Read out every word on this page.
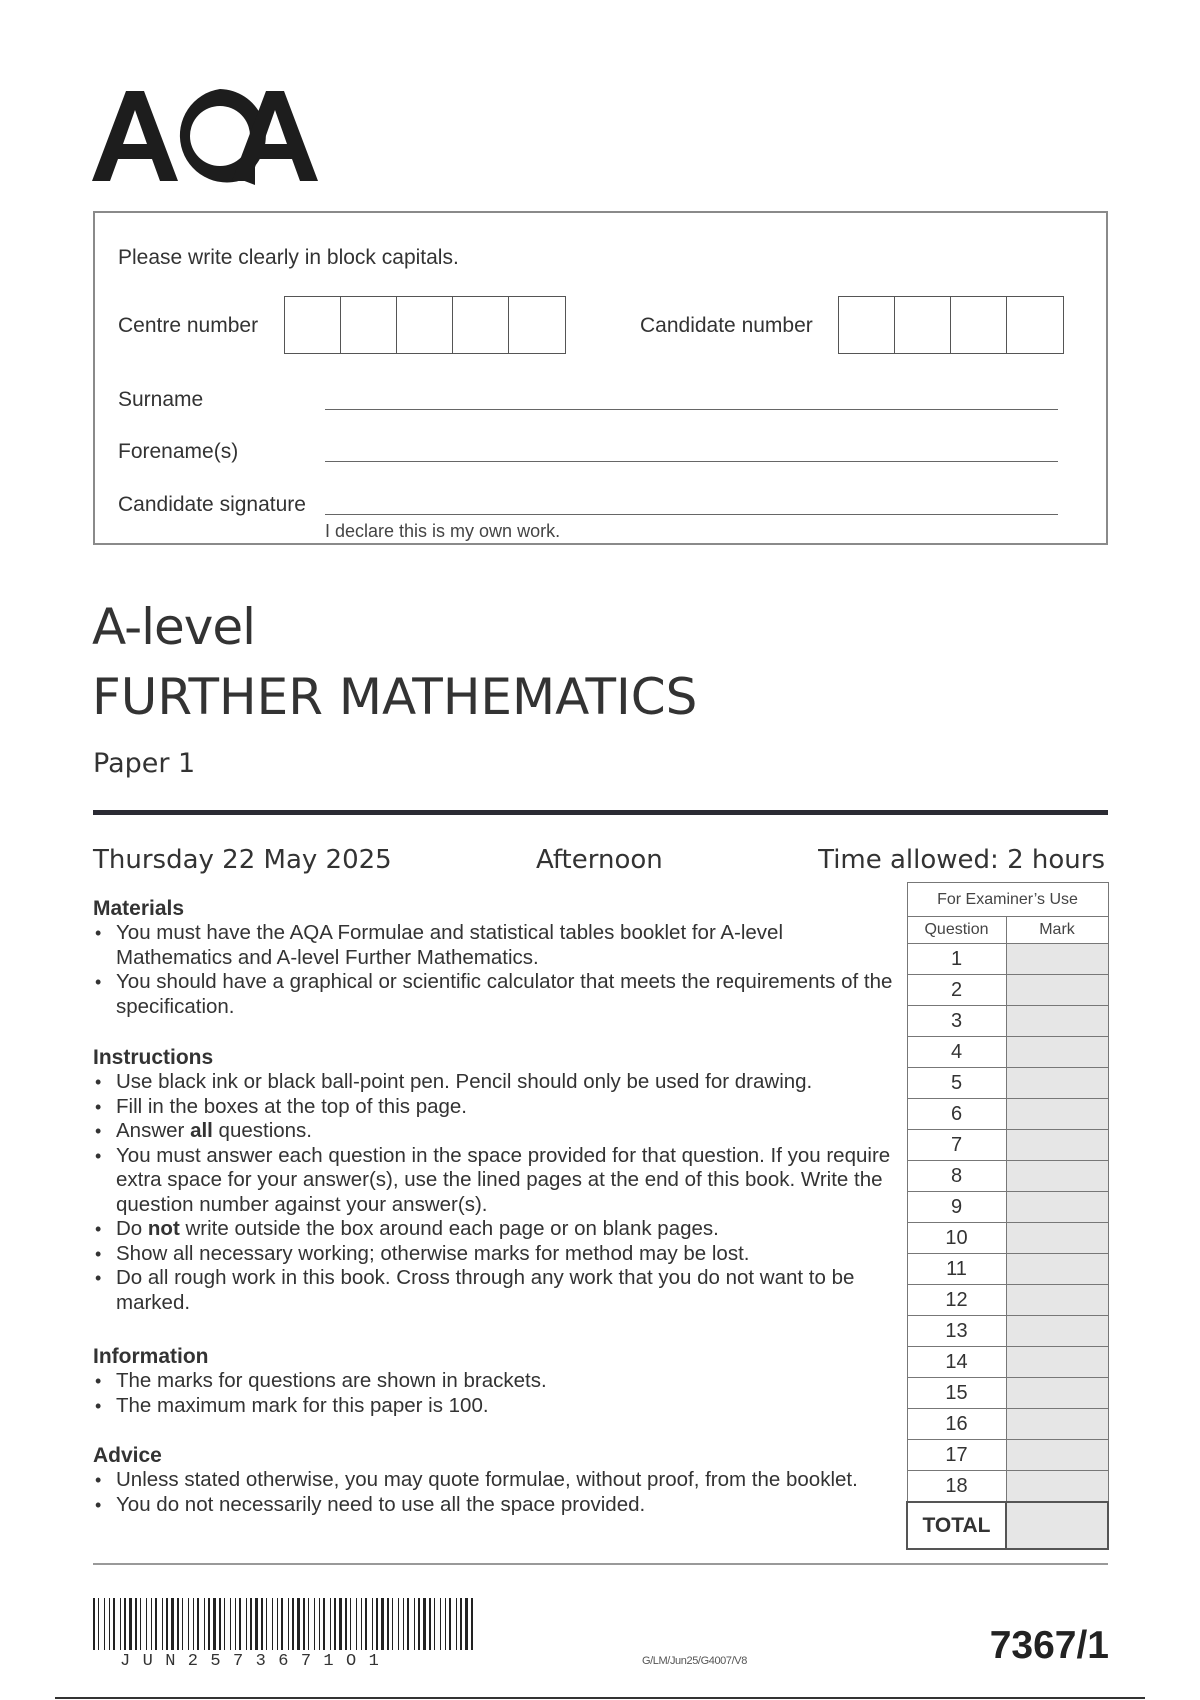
Please write clearly in block capitals.
Centre number	Candidate number
Surname
Forename(s)
Candidate signature
I declare this is my own work.
A-level
FURTHER MATHEMATICS
Paper 1
Thursday 22 May 2025	Afternoon	Time allowed: 2 hours
Materials
• You must have the AQA Formulae and statistical tables booklet for A-level Mathematics and A-level Further Mathematics.
• You should have a graphical or scientific calculator that meets the requirements of the specification.
Instructions
• Use black ink or black ball-point pen. Pencil should only be used for drawing.
• Fill in the boxes at the top of this page.
• Answer all questions.
• You must answer each question in the space provided for that question. If you require extra space for your answer(s), use the lined pages at the end of this book. Write the question number against your answer(s).
• Do not write outside the box around each page or on blank pages.
• Show all necessary working; otherwise marks for method may be lost.
• Do all rough work in this book. Cross through any work that you do not want to be marked.
Information
• The marks for questions are shown in brackets.
• The maximum mark for this paper is 100.
Advice
• Unless stated otherwise, you may quote formulae, without proof, from the booklet.
• You do not necessarily need to use all the space provided.
For Examiner’s Use	
Question	Mark
1	
2	
3	
4	
5	
6	
7	
8	
9	
10	
11	
12	
13	
14	
15	
16	
17	
18	
TOTAL	
JUN2573671O1	G/LM/Jun25/G4007/V8	7367/1
